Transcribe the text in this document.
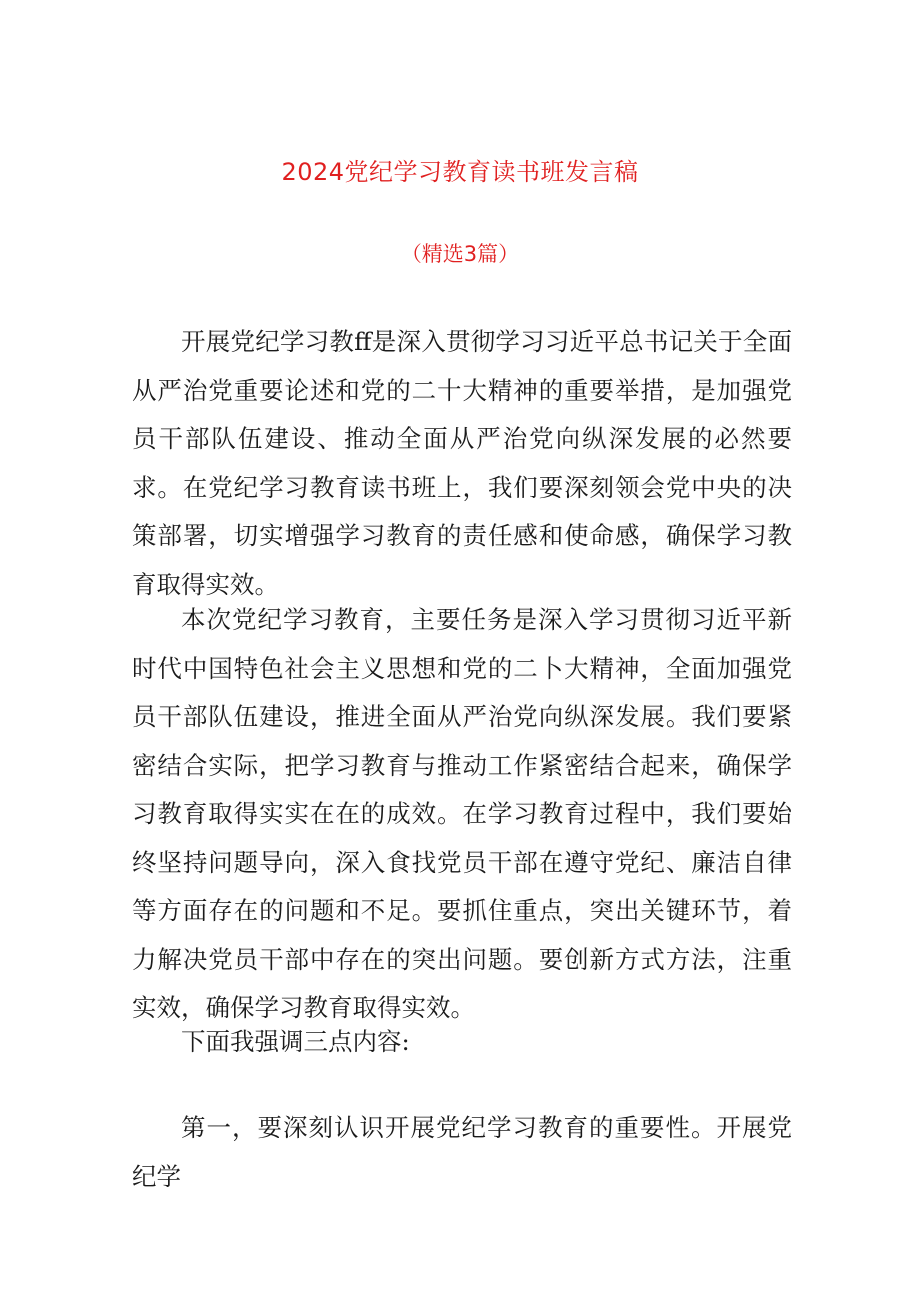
2024党纪学习教育读书班发言稿
（精选3篇）

开展党纪学习教ff是深入贯彻学习习近平总书记关于全面从严治党重要论述和党的二十大精神的重要举措，是加强党员干部队伍建设、推动全面从严治党向纵深发展的必然要求。在党纪学习教育读书班上，我们要深刻领会党中央的决策部署，切实增强学习教育的责任感和使命感，确保学习教育取得实效。

本次党纪学习教育，主要任务是深入学习贯彻习近平新时代中国特色社会主义思想和党的二卜大精神，全面加强党员干部队伍建设，推进全面从严治党向纵深发展。我们要紧密结合实际，把学习教育与推动工作紧密结合起来，确保学习教育取得实实在在的成效。在学习教育过程中，我们要始终坚持问题导向，深入食找党员干部在遵守党纪、廉洁自律等方面存在的问题和不足。要抓住重点，突出关键环节，着力解决党员干部中存在的突出问题。要创新方式方法，注重实效，确保学习教育取得实效。

下面我强调三点内容:

第一，要深刻认识开展党纪学习教育的重要性。开展党纪学
